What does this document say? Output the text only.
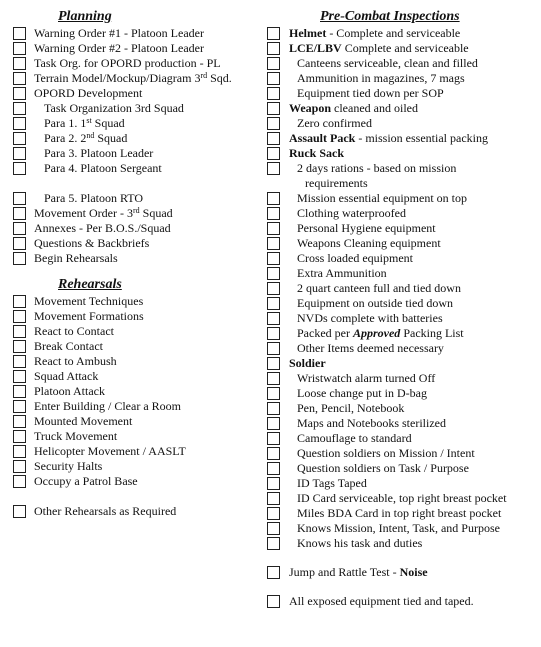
Planning
Warning Order #1 - Platoon Leader
Warning Order #2 - Platoon Leader
Task Org. for OPORD production - PL
Terrain Model/Mockup/Diagram 3rd Sqd.
OPORD Development
Task Organization 3rd Squad
Para 1. 1st Squad
Para 2. 2nd Squad
Para 3. Platoon Leader
Para 4. Platoon Sergeant
Para 5. Platoon RTO
Movement Order - 3rd Squad
Annexes - Per B.O.S./Squad
Questions & Backbriefs
Begin Rehearsals
Rehearsals
Movement Techniques
Movement Formations
React to Contact
Break Contact
React to Ambush
Squad Attack
Platoon Attack
Enter Building / Clear a Room
Mounted Movement
Truck Movement
Helicopter Movement / AASLT
Security Halts
Occupy a Patrol Base
Other Rehearsals as Required
Pre-Combat Inspections
Helmet - Complete and serviceable
LCE/LBV Complete and serviceable
Canteens serviceable, clean and filled
Ammunition in magazines, 7 mags
Equipment tied down per SOP
Weapon cleaned and oiled
Zero confirmed
Assault Pack - mission essential packing
Ruck Sack
2 days rations - based on mission
requirements
Mission essential equipment on top
Clothing waterproofed
Personal Hygiene equipment
Weapons Cleaning equipment
Cross loaded equipment
Extra Ammunition
2 quart canteen full and tied down
Equipment on outside tied down
NVDs complete with batteries
Packed per Approved Packing List
Other Items deemed necessary
Soldier
Wristwatch alarm turned Off
Loose change put in D-bag
Pen, Pencil, Notebook
Maps and Notebooks sterilized
Camouflage to standard
Question soldiers on Mission / Intent
Question soldiers on Task / Purpose
ID Tags Taped
ID Card serviceable, top right breast pocket
Miles BDA Card in top right breast pocket
Knows Mission, Intent, Task, and Purpose
Knows his task and duties
Jump and Rattle Test - Noise
All exposed equipment tied and taped.
